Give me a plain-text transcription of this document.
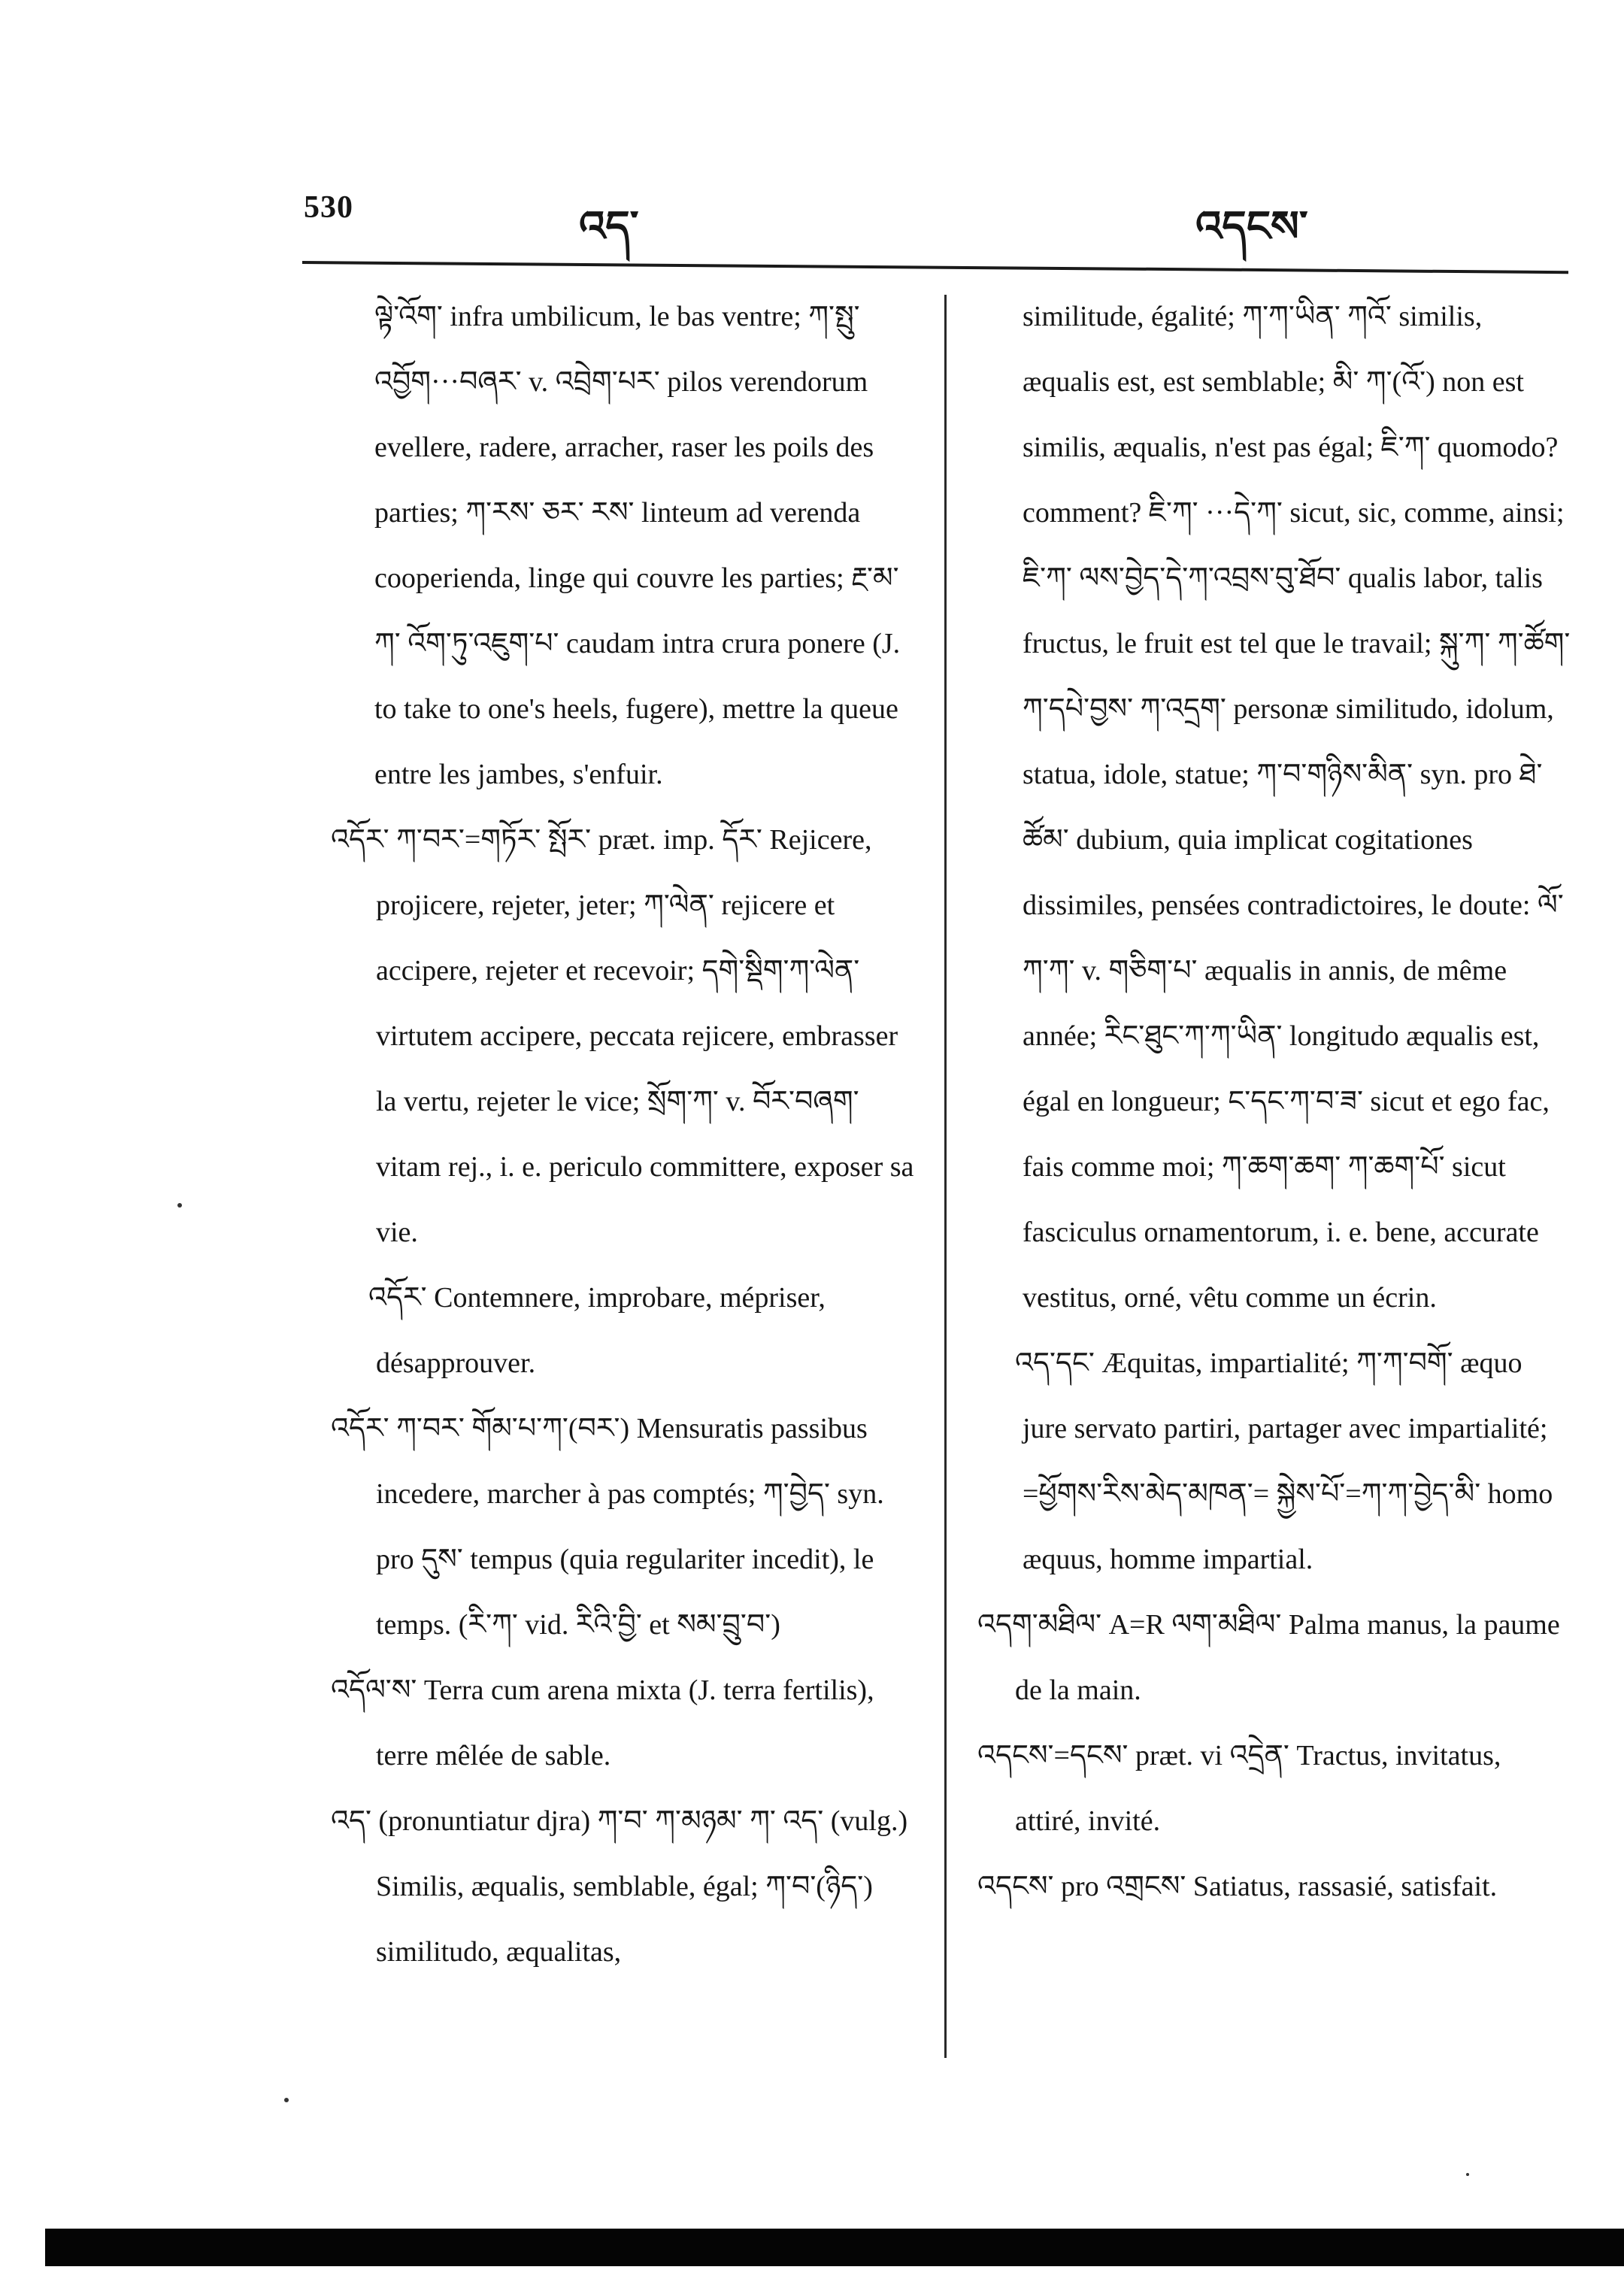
530	འད་	འདངས་

ལྟེ་འོག་ infra umbilicum, le bas ventre; ཀ་སྤུ་འབྱོག···བཞར་ v. འབྲེག་པར་ pilos verendorum evellere, radere, arracher, raser les poils des parties; ཀ་རས་ ཅར་ རས་ linteum ad verenda cooperienda, linge qui couvre les parties; རྔ་མ་ཀ་ འོག་ཏུ་འཇུག་པ་ caudam intra crura ponere (J. to take to one's heels, fugere), mettre la queue entre les jambes, s'enfuir.

འདོར་ ཀ་བར་=གཏོར་ སྤོར་ præt. imp. དོར་ Rejicere, projicere, rejeter, jeter; ཀ་ལེན་ rejicere et accipere, rejeter et recevoir; དགེ་སྡིག་ཀ་ལེན་ virtutem accipere, peccata rejicere, embrasser la vertu, rejeter le vice; སྲོག་ཀ་ v. བོར་བཞག་ vitam rej., i. e. periculo committere, exposer sa vie.

འདོར་ Contemnere, improbare, mépriser, désapprouver.

འདོར་ ཀ་བར་ གོམ་པ་ཀ་(བར་) Mensuratis passibus incedere, marcher à pas comptés; ཀ་བྱེད་ syn. pro དུས་ tempus (quia regulariter incedit), le temps. (རི་ཀ་ vid. རིའི་བྱི་ et སམ་བྲུ་བ་)

འདོལ་ས་ Terra cum arena mixta (J. terra fertilis), terre mêlée de sable.

འད་ (pronuntiatur djra) ཀ་བ་ ཀ་མཉམ་ ཀ་ འད་ (vulg.) Similis, æqualis, semblable, égal; ཀ་བ་(ཉིད་) similitudo, æqualitas,

similitude, égalité; ཀ་ཀ་ཡིན་ ཀའོ་ similis, æqualis est, est semblable; མི་ ཀ་(འོ་) non est similis, æqualis, n'est pas égal; ཇི་ཀ་ quomodo? comment? ཇི་ཀ་ ···དེ་ཀ་ sicut, sic, comme, ainsi; ཇི་ཀ་ ལས་བྱེད་དེ་ཀ་འབྲས་བུ་ཐོབ་ qualis labor, talis fructus, le fruit est tel que le travail; སྐུ་ཀ་ ཀ་ཚོག་ ཀ་དཔེ་བྱས་ ཀ་འདྲག་ personæ similitudo, idolum, statua, idole, statue; ཀ་བ་གཉིས་མིན་ syn. pro ཐེ་ཚོམ་ dubium, quia implicat cogitationes dissimiles, pensées contradictoires, le doute: ལོ་ཀ་ཀ་ v. གཅིག་པ་ æqualis in annis, de même année; རིང་ཐུང་ཀ་ཀ་ཡིན་ longitudo æqualis est, égal en longueur; ང་དང་ཀ་བ་ཟ་ sicut et ego fac, fais comme moi; ཀ་ཆག་ཆག་ ཀ་ཆག་པོ་ sicut fasciculus ornamentorum, i. e. bene, accurate vestitus, orné, vêtu comme un écrin.

འད་དང་ Æquitas, impartialité; ཀ་ཀ་བགོ་ æquo jure servato partiri, partager avec impartialité; =ཕྱོགས་རིས་མེད་མཁན་= སྐྱེས་པོ་=ཀ་ཀ་བྱེད་མི་ homo æquus, homme impartial.

འདག་མཐིལ་ A=R ལག་མཐིལ་ Palma manus, la paume de la main.

འདངས་=དངས་ præt. vi འདྲེན་ Tractus, invitatus, attiré, invité.

འདངས་ pro འགྲངས་ Satiatus, rassasié, satisfait.
